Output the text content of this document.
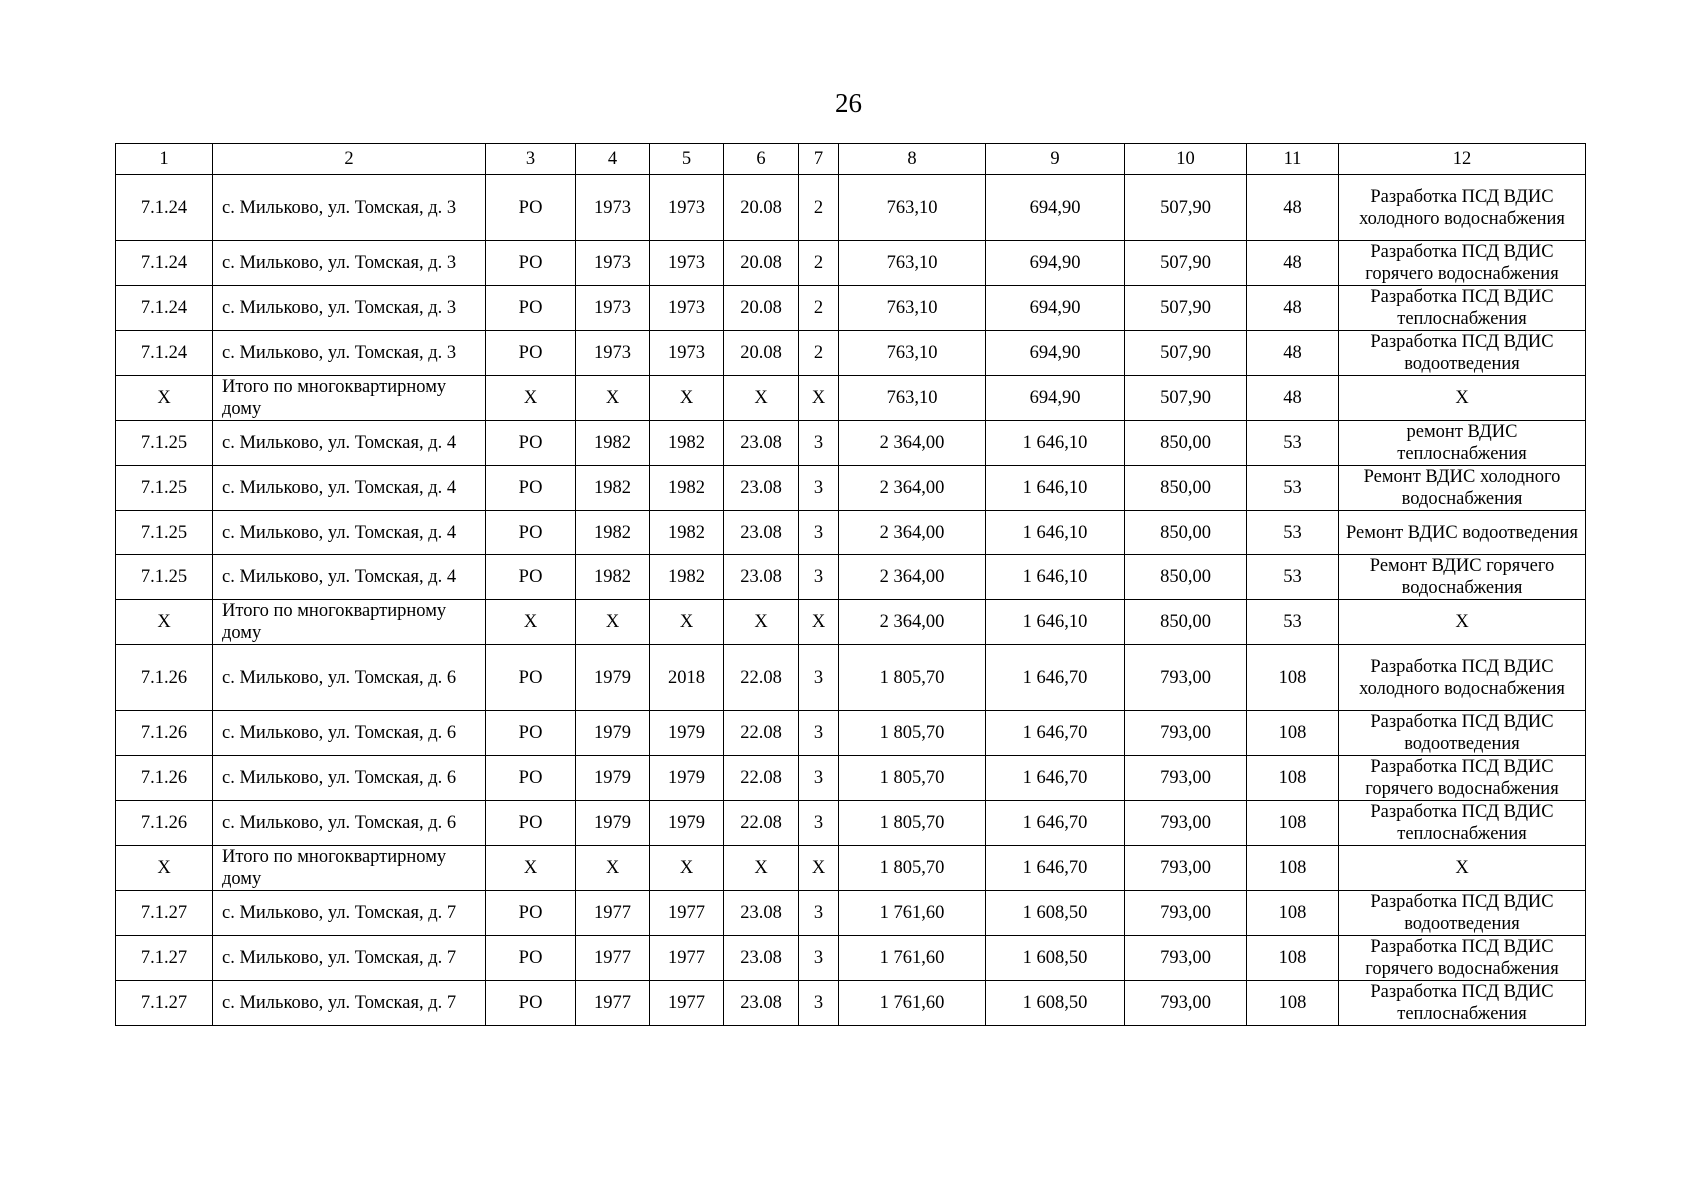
26
1	2	3	4	5	6	7	8	9	10	11	12
7.1.24	с. Мильково, ул. Томская, д. 3	РО	1973	1973	20.08	2	763,10	694,90	507,90	48	Разработка ПСД ВДИС холодного водоснабжения
7.1.24	с. Мильково, ул. Томская, д. 3	РО	1973	1973	20.08	2	763,10	694,90	507,90	48	Разработка ПСД ВДИС горячего водоснабжения
7.1.24	с. Мильково, ул. Томская, д. 3	РО	1973	1973	20.08	2	763,10	694,90	507,90	48	Разработка ПСД ВДИС теплоснабжения
7.1.24	с. Мильково, ул. Томская, д. 3	РО	1973	1973	20.08	2	763,10	694,90	507,90	48	Разработка ПСД ВДИС водоотведения
Х	Итого по многоквартирному дому	Х	Х	Х	Х	Х	763,10	694,90	507,90	48	Х
7.1.25	с. Мильково, ул. Томская, д. 4	РО	1982	1982	23.08	3	2 364,00	1 646,10	850,00	53	ремонт ВДИС теплоснабжения
7.1.25	с. Мильково, ул. Томская, д. 4	РО	1982	1982	23.08	3	2 364,00	1 646,10	850,00	53	Ремонт ВДИС холодного водоснабжения
7.1.25	с. Мильково, ул. Томская, д. 4	РО	1982	1982	23.08	3	2 364,00	1 646,10	850,00	53	Ремонт ВДИС водоотведения
7.1.25	с. Мильково, ул. Томская, д. 4	РО	1982	1982	23.08	3	2 364,00	1 646,10	850,00	53	Ремонт ВДИС горячего водоснабжения
Х	Итого по многоквартирному дому	Х	Х	Х	Х	Х	2 364,00	1 646,10	850,00	53	Х
7.1.26	с. Мильково, ул. Томская, д. 6	РО	1979	2018	22.08	3	1 805,70	1 646,70	793,00	108	Разработка ПСД ВДИС холодного водоснабжения
7.1.26	с. Мильково, ул. Томская, д. 6	РО	1979	1979	22.08	3	1 805,70	1 646,70	793,00	108	Разработка ПСД ВДИС водоотведения
7.1.26	с. Мильково, ул. Томская, д. 6	РО	1979	1979	22.08	3	1 805,70	1 646,70	793,00	108	Разработка ПСД ВДИС горячего водоснабжения
7.1.26	с. Мильково, ул. Томская, д. 6	РО	1979	1979	22.08	3	1 805,70	1 646,70	793,00	108	Разработка ПСД ВДИС теплоснабжения
Х	Итого по многоквартирному дому	Х	Х	Х	Х	Х	1 805,70	1 646,70	793,00	108	Х
7.1.27	с. Мильково, ул. Томская, д. 7	РО	1977	1977	23.08	3	1 761,60	1 608,50	793,00	108	Разработка ПСД ВДИС водоотведения
7.1.27	с. Мильково, ул. Томская, д. 7	РО	1977	1977	23.08	3	1 761,60	1 608,50	793,00	108	Разработка ПСД ВДИС горячего водоснабжения
7.1.27	с. Мильково, ул. Томская, д. 7	РО	1977	1977	23.08	3	1 761,60	1 608,50	793,00	108	Разработка ПСД ВДИС теплоснабжения
